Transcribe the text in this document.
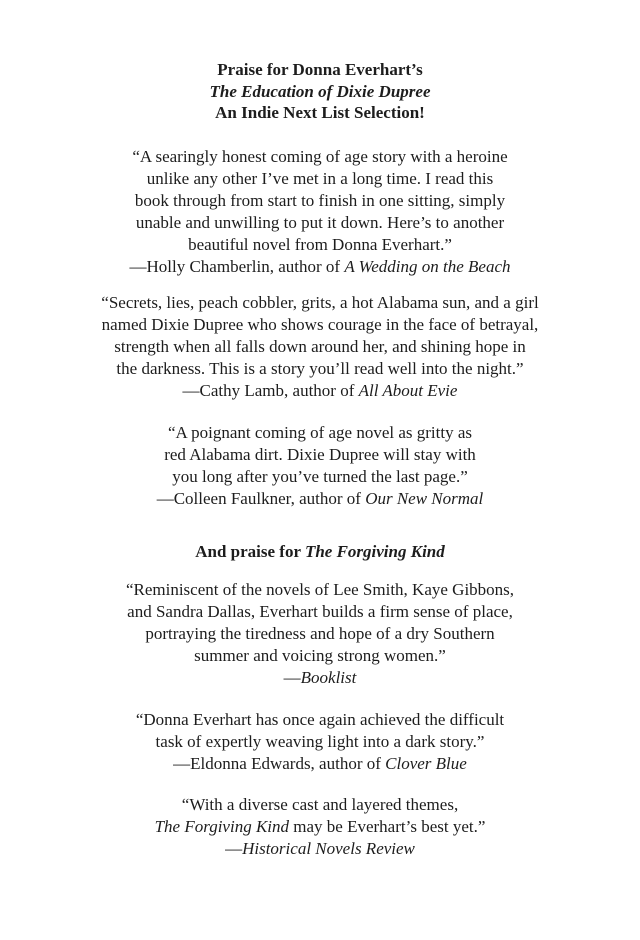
Praise for Donna Everhart’s
The Education of Dixie Dupree
An Indie Next List Selection!
“A searingly honest coming of age story with a heroine
unlike any other I’ve met in a long time. I read this
book through from start to finish in one sitting, simply
unable and unwilling to put it down. Here’s to another
beautiful novel from Donna Everhart.”
—Holly Chamberlin, author of A Wedding on the Beach
“Secrets, lies, peach cobbler, grits, a hot Alabama sun, and a girl
named Dixie Dupree who shows courage in the face of betrayal,
strength when all falls down around her, and shining hope in
the darkness. This is a story you’ll read well into the night.”
—Cathy Lamb, author of All About Evie
“A poignant coming of age novel as gritty as
red Alabama dirt. Dixie Dupree will stay with
you long after you’ve turned the last page.”
—Colleen Faulkner, author of Our New Normal
And praise for The Forgiving Kind
“Reminiscent of the novels of Lee Smith, Kaye Gibbons,
and Sandra Dallas, Everhart builds a firm sense of place,
portraying the tiredness and hope of a dry Southern
summer and voicing strong women.”
—Booklist
“Donna Everhart has once again achieved the difficult
task of expertly weaving light into a dark story.”
—Eldonna Edwards, author of Clover Blue
“With a diverse cast and layered themes,
The Forgiving Kind may be Everhart’s best yet.”
—Historical Novels Review
